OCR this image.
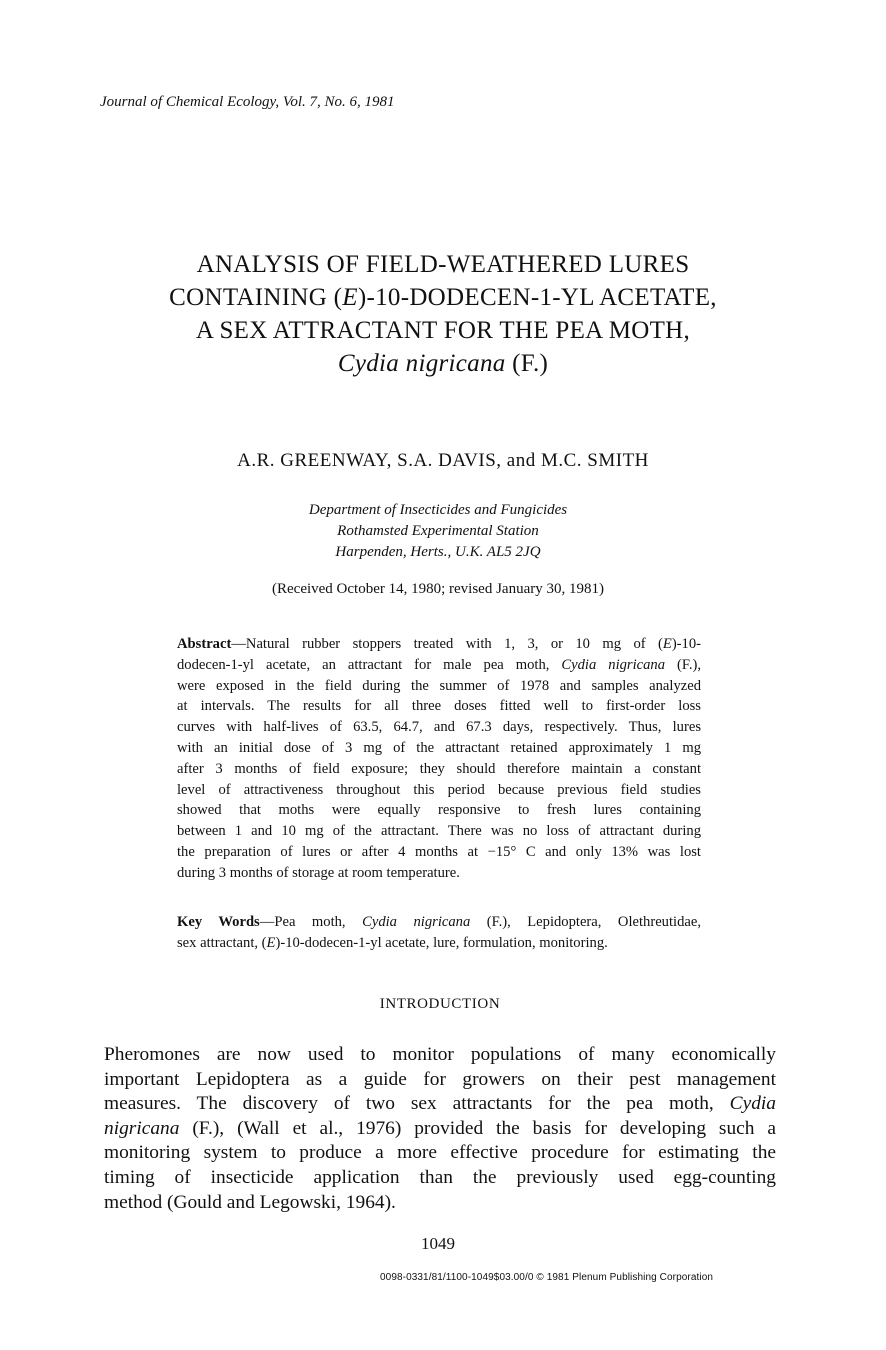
Journal of Chemical Ecology, Vol. 7, No. 6, 1981
ANALYSIS OF FIELD-WEATHERED LURES
CONTAINING (E)-10-DODECEN-1-YL ACETATE,
A SEX ATTRACTANT FOR THE PEA MOTH,
Cydia nigricana (F.)
A.R. GREENWAY, S.A. DAVIS, and M.C. SMITH
Department of Insecticides and Fungicides
Rothamsted Experimental Station
Harpenden, Herts., U.K. AL5 2JQ
(Received October 14, 1980; revised January 30, 1981)
Abstract—Natural rubber stoppers treated with 1, 3, or 10 mg of (E)-10-
dodecen-1-yl acetate, an attractant for male pea moth, Cydia nigricana (F.),
were exposed in the field during the summer of 1978 and samples analyzed
at intervals. The results for all three doses fitted well to first-order loss
curves with half-lives of 63.5, 64.7, and 67.3 days, respectively. Thus, lures
with an initial dose of 3 mg of the attractant retained approximately 1 mg
after 3 months of field exposure; they should therefore maintain a constant
level of attractiveness throughout this period because previous field studies
showed that moths were equally responsive to fresh lures containing
between 1 and 10 mg of the attractant. There was no loss of attractant during
the preparation of lures or after 4 months at −15° C and only 13% was lost
during 3 months of storage at room temperature.
Key Words—Pea moth, Cydia nigricana (F.), Lepidoptera, Olethreutidae,
sex attractant, (E)-10-dodecen-1-yl acetate, lure, formulation, monitoring.
INTRODUCTION
Pheromones are now used to monitor populations of many economically
important Lepidoptera as a guide for growers on their pest management
measures. The discovery of two sex attractants for the pea moth, Cydia
nigricana (F.), (Wall et al., 1976) provided the basis for developing such a
monitoring system to produce a more effective procedure for estimating the
timing of insecticide application than the previously used egg-counting
method (Gould and Legowski, 1964).
1049
0098-0331/81/1100-1049$03.00/0 © 1981 Plenum Publishing Corporation
